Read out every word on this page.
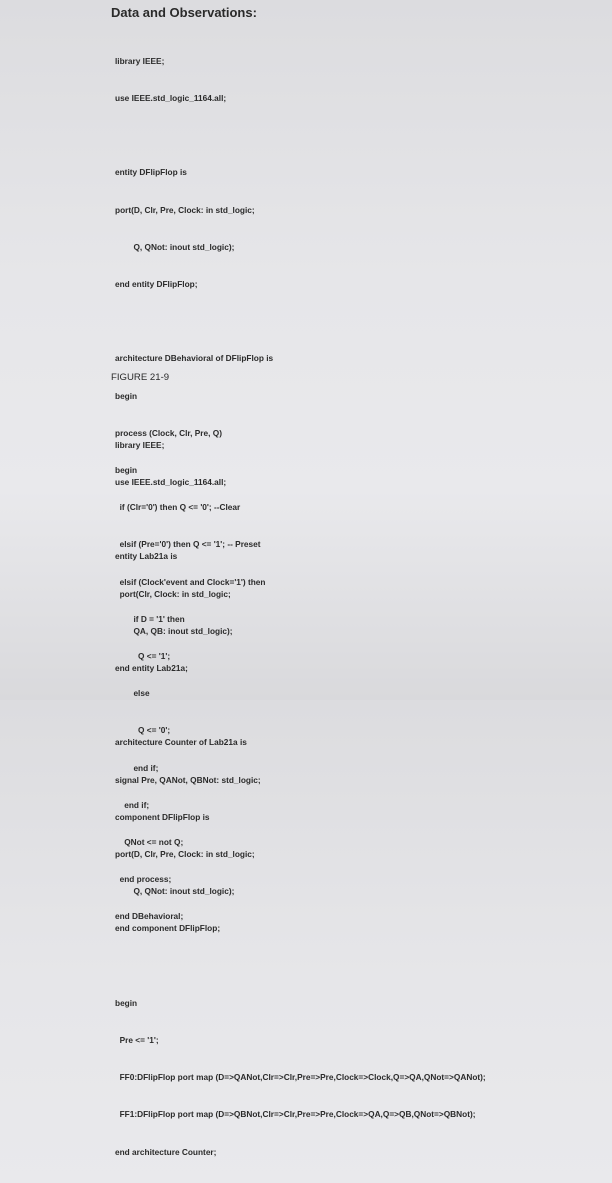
Data and Observations:

library IEEE;

use IEEE.std_logic_1164.all;

entity DFlipFlop is

port(D, Clr, Pre, Clock: in std_logic;

Q, QNot: inout std_logic);

end entity DFlipFlop;

architecture DBehavioral of DFlipFlop is

begin

process (Clock, Clr, Pre, Q)

begin

if (Clr='0') then Q <= '0'; --Clear

elsif (Pre='0') then Q <= '1'; -- Preset

elsif (Clock'event and Clock='1') then

if D = '1' then

Q <= '1';

else

Q <= '0';

end if;

end if;

QNot <= not Q;

end process;

end DBehavioral;

FIGURE 21-9

library IEEE;

use IEEE.std_logic_1164.all;

entity Lab21a is

port(Clr, Clock: in std_logic;

QA, QB: inout std_logic);

end entity Lab21a;

architecture Counter of Lab21a is

signal Pre, QANot, QBNot: std_logic;

component DFlipFlop is

port(D, Clr, Pre, Clock: in std_logic;

Q, QNot: inout std_logic);

end component DFlipFlop;

begin

Pre <= '1';

FF0:DFlipFlop port map (D=>QANot,Clr=>Clr,Pre=>Pre,Clock=>Clock,Q=>QA,QNot=>QANot);

FF1:DFlipFlop port map (D=>QBNot,Clr=>Clr,Pre=>Pre,Clock=>QA,Q=>QB,QNot=>QBNot);

end architecture Counter;
